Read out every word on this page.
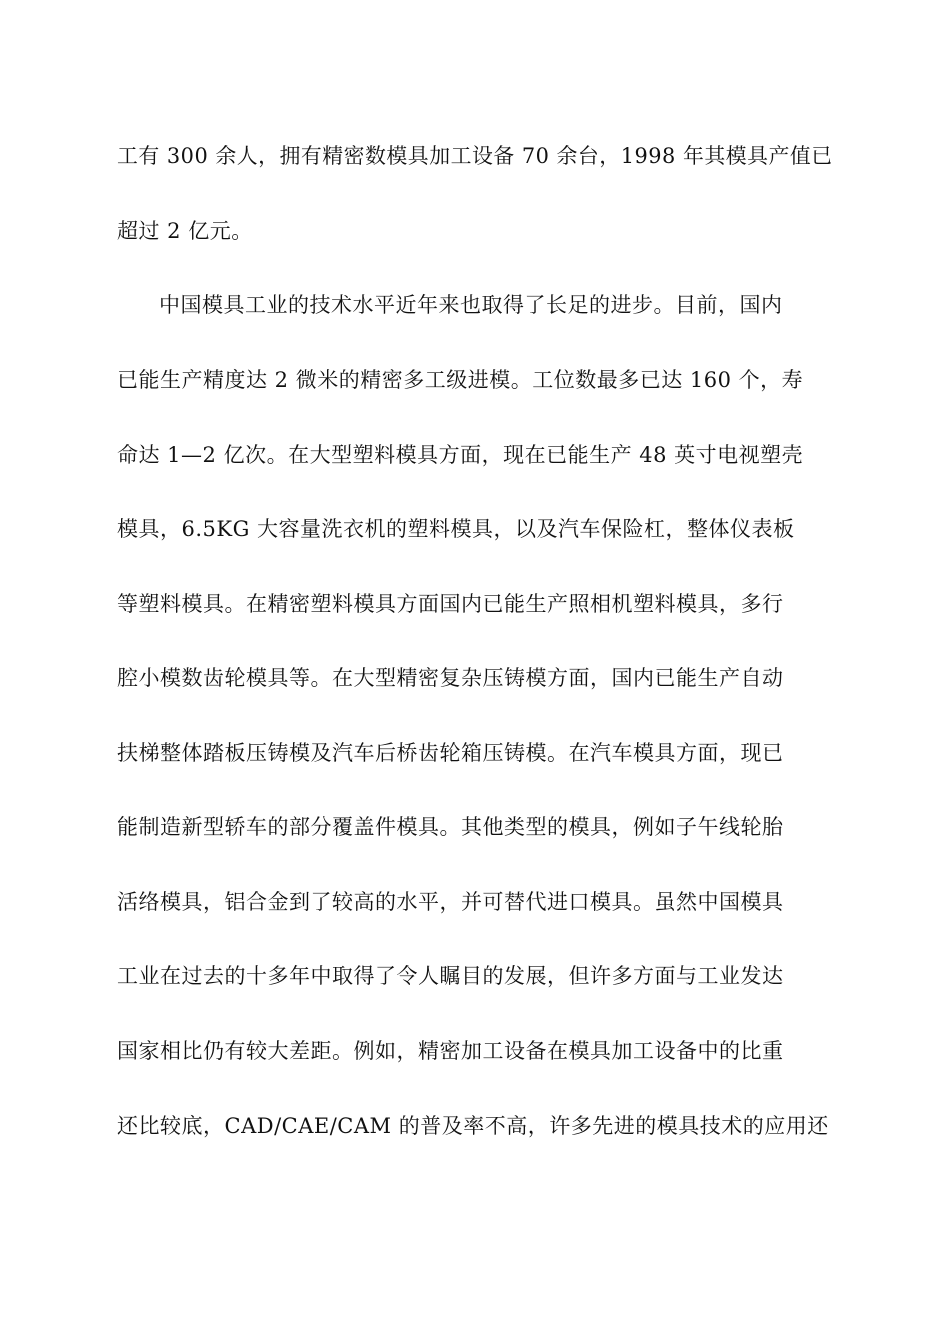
工有 300 余人，拥有精密数模具加工设备 70 余台，1998 年其模具产值已
超过 2 亿元。
中国模具工业的技术水平近年来也取得了长足的进步。目前，国内
已能生产精度达 2 微米的精密多工级进模。工位数最多已达 160 个，寿
命达 1—2 亿次。在大型塑料模具方面，现在已能生产 48 英寸电视塑壳
模具，6.5KG 大容量洗衣机的塑料模具，以及汽车保险杠，整体仪表板
等塑料模具。在精密塑料模具方面国内已能生产照相机塑料模具，多行
腔小模数齿轮模具等。在大型精密复杂压铸模方面，国内已能生产自动
扶梯整体踏板压铸模及汽车后桥齿轮箱压铸模。在汽车模具方面，现已
能制造新型轿车的部分覆盖件模具。其他类型的模具，例如子午线轮胎
活络模具，铝合金到了较高的水平，并可替代进口模具。虽然中国模具
工业在过去的十多年中取得了令人瞩目的发展，但许多方面与工业发达
国家相比仍有较大差距。例如，精密加工设备在模具加工设备中的比重
还比较底，CAD/CAE/CAM 的普及率不高，许多先进的模具技术的应用还
